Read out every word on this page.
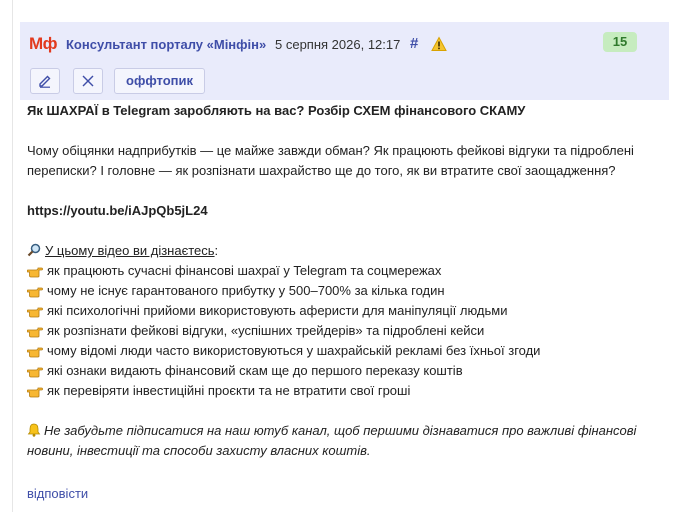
Мф Консультант порталу «Мінфін» 5 серпня 2026, 12:17 #	15
оффтопик

Як ШАХРАЇ в Telegram заробляють на вас? Розбір СХЕМ фінансового СКАМУ

Чому обіцянки надприбутків — це майже завжди обман? Як працюють фейкові відгуки та підроблені переписки? І головне — як розпізнати шахрайство ще до того, як ви втратите свої заощадження?

https://youtu.be/iAJpQb5jL24

У цьому відео ви дізнаєтесь:

як працюють сучасні фінансові шахраї у Telegram та соцмережах
чому не існує гарантованого прибутку у 500–700% за кілька годин
які психологічні прийоми використовують аферисти для маніпуляції людьми
як розпізнати фейкові відгуки, «успішних трейдерів» та підроблені кейси
чому відомі люди часто використовуються у шахрайській рекламі без їхньої згоди
які ознаки видають фінансовий скам ще до першого переказу коштів
як перевіряти інвестиційні проєкти та не втратити свої гроші

Не забудьте підписатися на наш ютуб канал, щоб першими дізнаватися про важливі фінансові новини, інвестиції та способи захисту власних коштів.

відповісти
